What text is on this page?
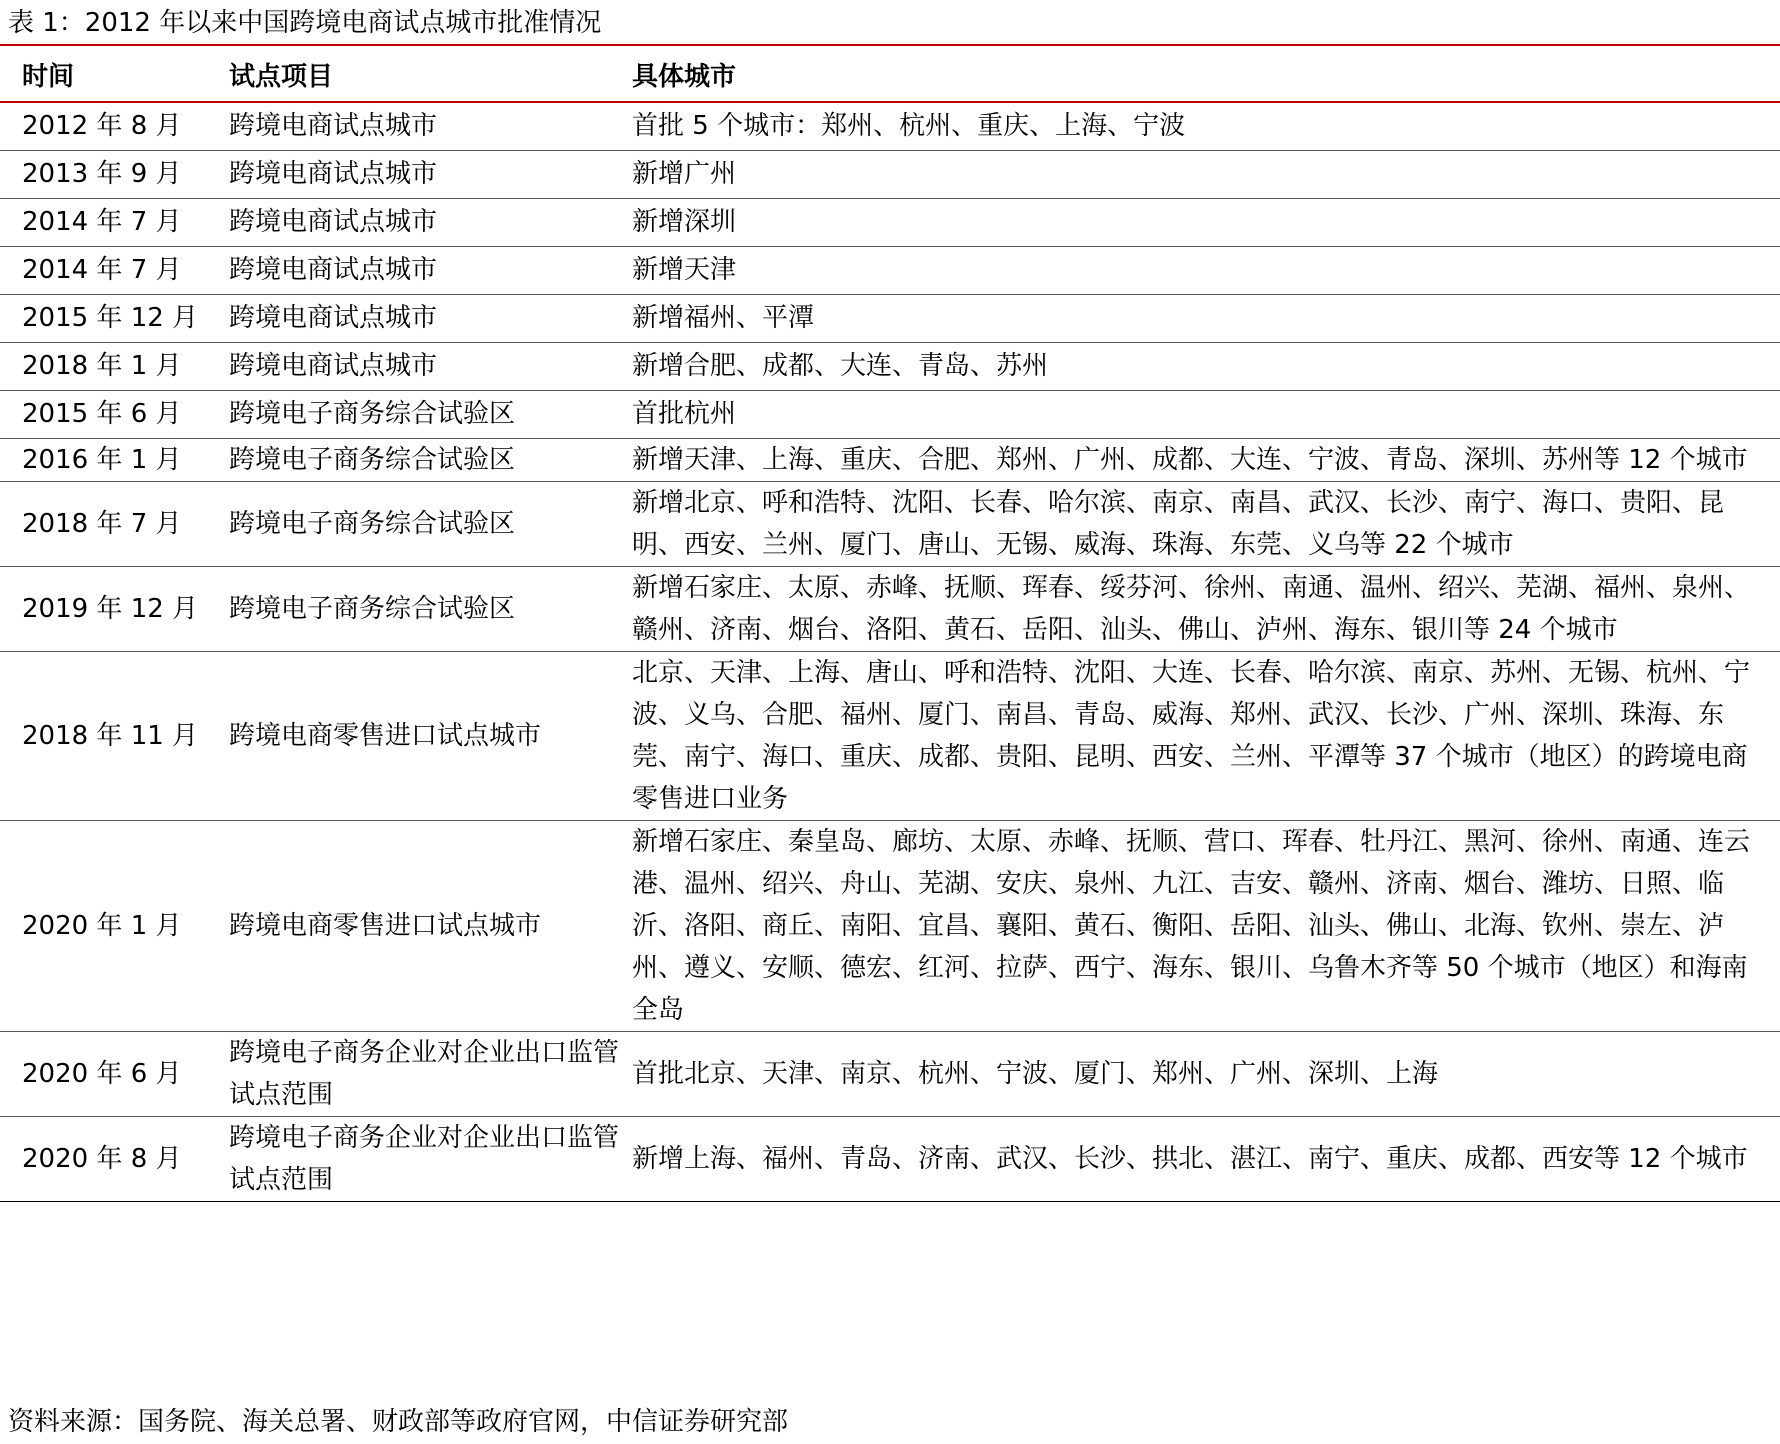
表 1：2012 年以来中国跨境电商试点城市批准情况
时间	试点项目	具体城市
2012 年 8 月	跨境电商试点城市	首批 5 个城市：郑州、杭州、重庆、上海、宁波
2013 年 9 月	跨境电商试点城市	新增广州
2014 年 7 月	跨境电商试点城市	新增深圳
2014 年 7 月	跨境电商试点城市	新增天津
2015 年 12 月	跨境电商试点城市	新增福州、平潭
2018 年 1 月	跨境电商试点城市	新增合肥、成都、大连、青岛、苏州
2015 年 6 月	跨境电子商务综合试验区	首批杭州
2016 年 1 月	跨境电子商务综合试验区	新增天津、上海、重庆、合肥、郑州、广州、成都、大连、宁波、青岛、深圳、苏州等 12 个城市
2018 年 7 月	跨境电子商务综合试验区	新增北京、呼和浩特、沈阳、长春、哈尔滨、南京、南昌、武汉、长沙、南宁、海口、贵阳、昆明、西安、兰州、厦门、唐山、无锡、威海、珠海、东莞、义乌等 22 个城市
2019 年 12 月	跨境电子商务综合试验区	新增石家庄、太原、赤峰、抚顺、珲春、绥芬河、徐州、南通、温州、绍兴、芜湖、福州、泉州、赣州、济南、烟台、洛阳、黄石、岳阳、汕头、佛山、泸州、海东、银川等 24 个城市
2018 年 11 月	跨境电商零售进口试点城市	北京、天津、上海、唐山、呼和浩特、沈阳、大连、长春、哈尔滨、南京、苏州、无锡、杭州、宁波、义乌、合肥、福州、厦门、南昌、青岛、威海、郑州、武汉、长沙、广州、深圳、珠海、东莞、南宁、海口、重庆、成都、贵阳、昆明、西安、兰州、平潭等 37 个城市（地区）的跨境电商零售进口业务
2020 年 1 月	跨境电商零售进口试点城市	新增石家庄、秦皇岛、廊坊、太原、赤峰、抚顺、营口、珲春、牡丹江、黑河、徐州、南通、连云港、温州、绍兴、舟山、芜湖、安庆、泉州、九江、吉安、赣州、济南、烟台、潍坊、日照、临沂、洛阳、商丘、南阳、宜昌、襄阳、黄石、衡阳、岳阳、汕头、佛山、北海、钦州、崇左、泸州、遵义、安顺、德宏、红河、拉萨、西宁、海东、银川、乌鲁木齐等 50 个城市（地区）和海南全岛
2020 年 6 月	跨境电子商务企业对企业出口监管试点范围	首批北京、天津、南京、杭州、宁波、厦门、郑州、广州、深圳、上海
2020 年 8 月	跨境电子商务企业对企业出口监管试点范围	新增上海、福州、青岛、济南、武汉、长沙、拱北、湛江、南宁、重庆、成都、西安等 12 个城市
资料来源：国务院、海关总署、财政部等政府官网，中信证券研究部
